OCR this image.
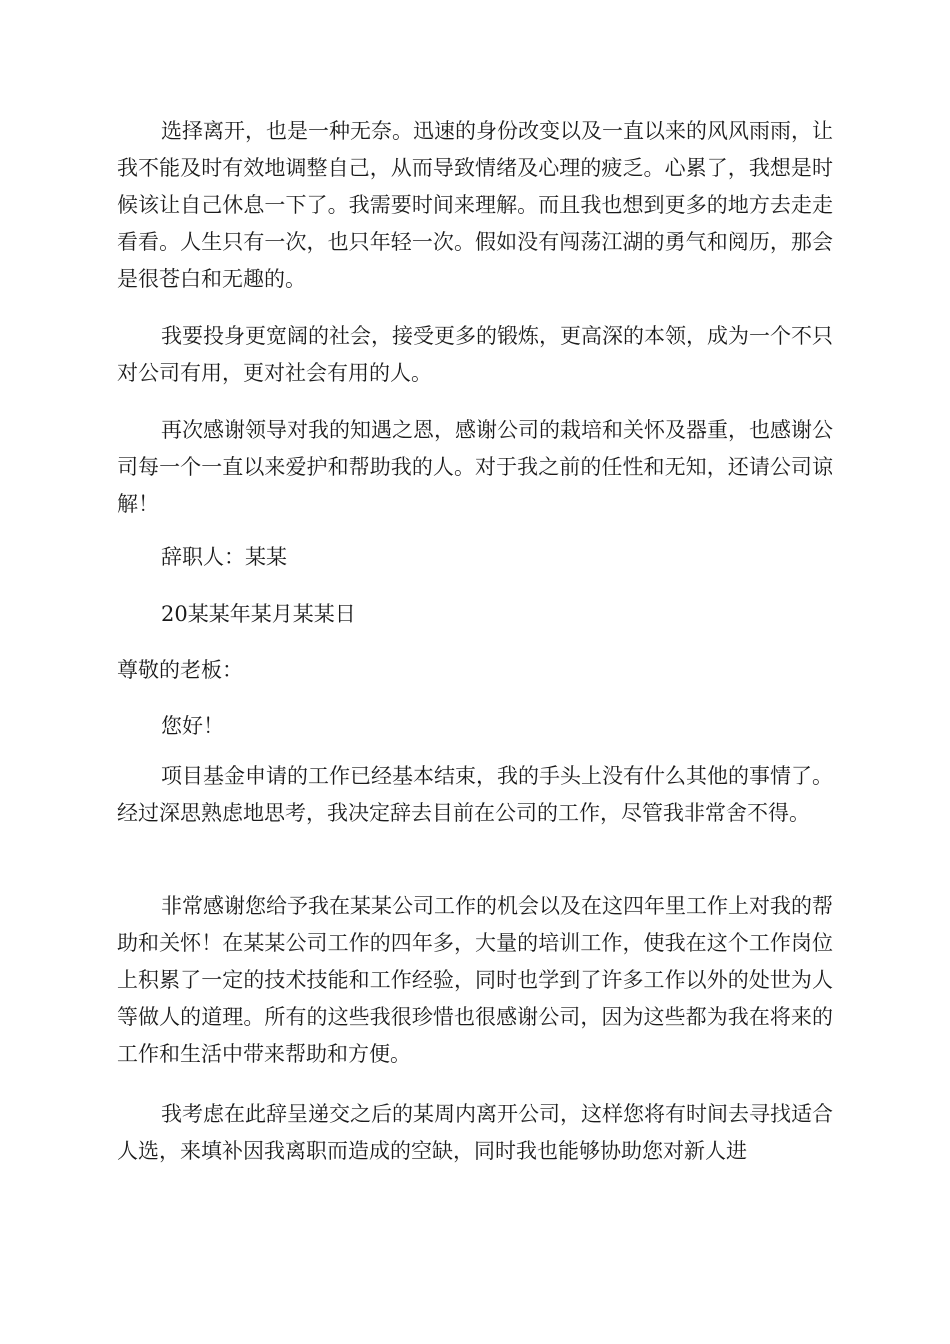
选择离开，也是一种无奈。迅速的身份改变以及一直以来的风风雨雨，让我不能及时有效地调整自己，从而导致情绪及心理的疲乏。心累了，我想是时候该让自己休息一下了。我需要时间来理解。而且我也想到更多的地方去走走看看。人生只有一次，也只年轻一次。假如没有闯荡江湖的勇气和阅历，那会是很苍白和无趣的。

我要投身更宽阔的社会，接受更多的锻炼，更高深的本领，成为一个不只对公司有用，更对社会有用的人。

再次感谢领导对我的知遇之恩，感谢公司的栽培和关怀及器重，也感谢公司每一个一直以来爱护和帮助我的人。对于我之前的任性和无知，还请公司谅解！

辞职人：某某

20某某年某月某某日

尊敬的老板：

您好！

项目基金申请的工作已经基本结束，我的手头上没有什么其他的事情了。经过深思熟虑地思考，我决定辞去目前在公司的工作，尽管我非常舍不得。

非常感谢您给予我在某某公司工作的机会以及在这四年里工作上对我的帮助和关怀！在某某公司工作的四年多，大量的培训工作，使我在这个工作岗位上积累了一定的技术技能和工作经验，同时也学到了许多工作以外的处世为人等做人的道理。所有的这些我很珍惜也很感谢公司，因为这些都为我在将来的工作和生活中带来帮助和方便。

我考虑在此辞呈递交之后的某周内离开公司，这样您将有时间去寻找适合人选，来填补因我离职而造成的空缺，同时我也能够协助您对新人进
